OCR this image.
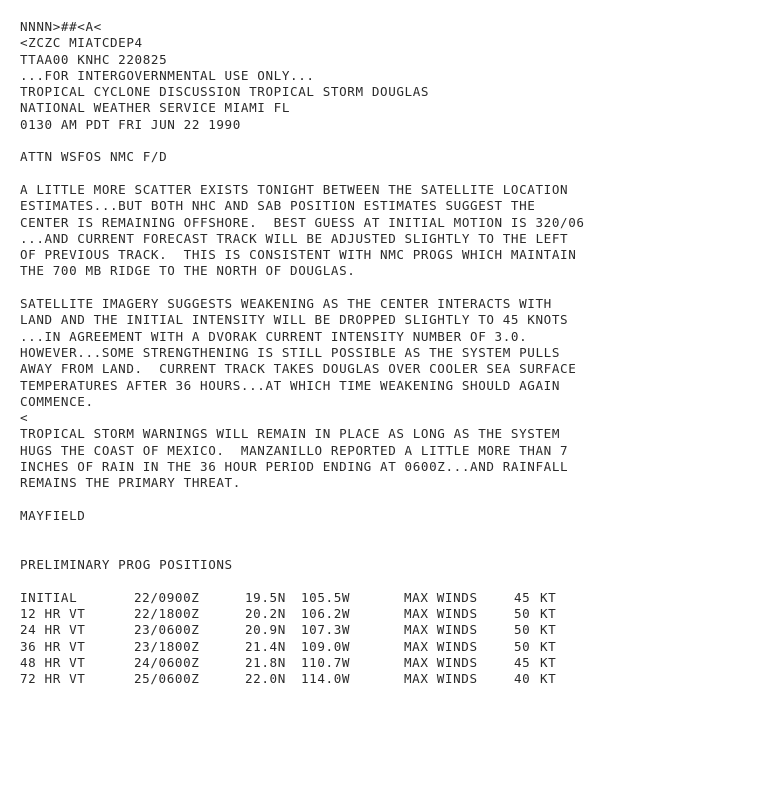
NNNN>##<A<
<ZCZC MIATCDEP4
TTAA00 KNHC 220825
...FOR INTERGOVERNMENTAL USE ONLY...
TROPICAL CYCLONE DISCUSSION TROPICAL STORM DOUGLAS
NATIONAL WEATHER SERVICE MIAMI FL
0130 AM PDT FRI JUN 22 1990
ATTN WSFOS NMC F/D
A LITTLE MORE SCATTER EXISTS TONIGHT BETWEEN THE SATELLITE LOCATION
ESTIMATES...BUT BOTH NHC AND SAB POSITION ESTIMATES SUGGEST THE
CENTER IS REMAINING OFFSHORE.  BEST GUESS AT INITIAL MOTION IS 320/06
...AND CURRENT FORECAST TRACK WILL BE ADJUSTED SLIGHTLY TO THE LEFT
OF PREVIOUS TRACK.  THIS IS CONSISTENT WITH NMC PROGS WHICH MAINTAIN
THE 700 MB RIDGE TO THE NORTH OF DOUGLAS.
SATELLITE IMAGERY SUGGESTS WEAKENING AS THE CENTER INTERACTS WITH
LAND AND THE INITIAL INTENSITY WILL BE DROPPED SLIGHTLY TO 45 KNOTS
...IN AGREEMENT WITH A DVORAK CURRENT INTENSITY NUMBER OF 3.0.
HOWEVER...SOME STRENGTHENING IS STILL POSSIBLE AS THE SYSTEM PULLS
AWAY FROM LAND.  CURRENT TRACK TAKES DOUGLAS OVER COOLER SEA SURFACE
TEMPERATURES AFTER 36 HOURS...AT WHICH TIME WEAKENING SHOULD AGAIN
COMMENCE.
<
TROPICAL STORM WARNINGS WILL REMAIN IN PLACE AS LONG AS THE SYSTEM
HUGS THE COAST OF MEXICO.  MANZANILLO REPORTED A LITTLE MORE THAN 7
INCHES OF RAIN IN THE 36 HOUR PERIOD ENDING AT 0600Z...AND RAINFALL
REMAINS THE PRIMARY THREAT.
MAYFIELD
PRELIMINARY PROG POSITIONS
INITIAL	22/0900Z	19.5N	105.5W	MAX WINDS	45	KT
12 HR VT	22/1800Z	20.2N	106.2W	MAX WINDS	50	KT
24 HR VT	23/0600Z	20.9N	107.3W	MAX WINDS	50	KT
36 HR VT	23/1800Z	21.4N	109.0W	MAX WINDS	50	KT
48 HR VT	24/0600Z	21.8N	110.7W	MAX WINDS	45	KT
72 HR VT	25/0600Z	22.0N	114.0W	MAX WINDS	40	KT
